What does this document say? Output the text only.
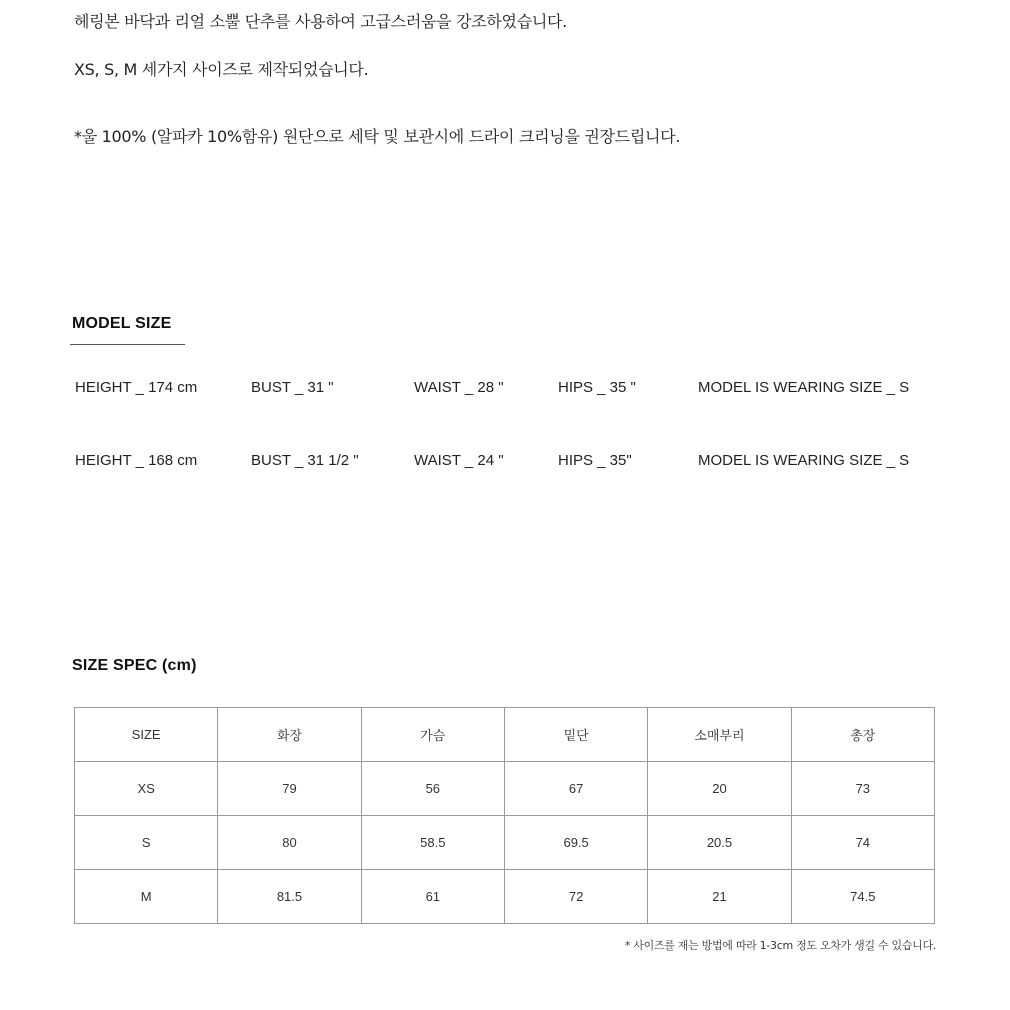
헤링본 바닥과 리얼 소뿔 단추를 사용하여 고급스러움을 강조하였습니다.
XS, S, M 세가지 사이즈로 제작되었습니다.
*울 100% (알파카 10%함유) 원단으로 세탁 및 보관시에 드라이 크리닝을 권장드립니다.
MODEL SIZE
HEIGHT _ 174 cm	BUST _ 31 "	WAIST _ 28 "	HIPS _ 35 "	MODEL IS WEARING SIZE _ S
HEIGHT _ 168 cm	BUST _ 31 1/2 "	WAIST _ 24 "	HIPS _ 35"	MODEL IS WEARING SIZE _ S
SIZE SPEC (cm)
SIZE	화장	가슴	밑단	소매부리	총장
XS	79	56	67	20	73
S	80	58.5	69.5	20.5	74
M	81.5	61	72	21	74.5
* 사이즈를 재는 방법에 따라 1-3cm 정도 오차가 생길 수 있습니다.
